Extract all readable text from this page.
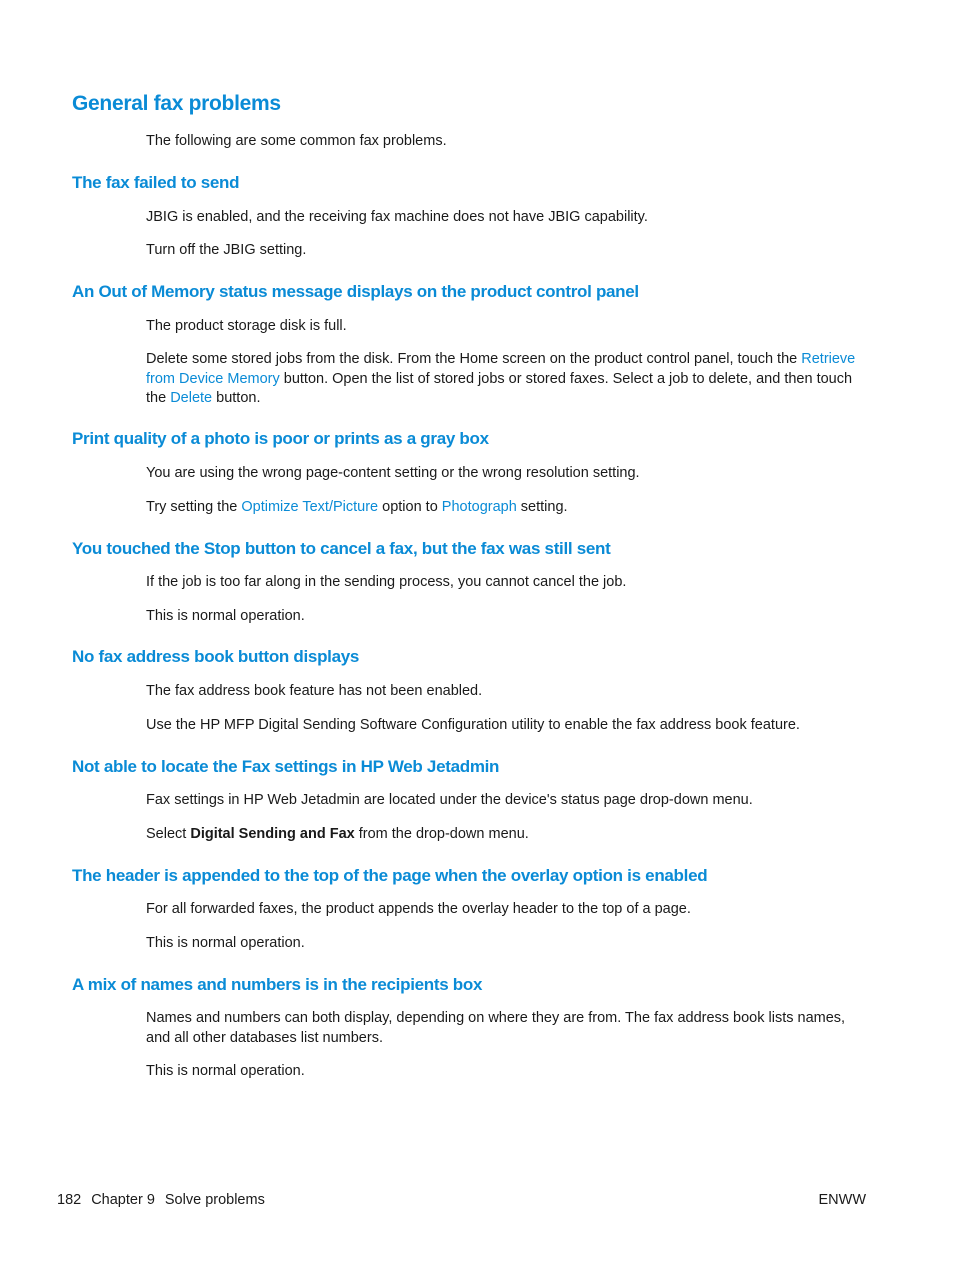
General fax problems

The following are some common fax problems.

The fax failed to send

JBIG is enabled, and the receiving fax machine does not have JBIG capability.

Turn off the JBIG setting.

An Out of Memory status message displays on the product control panel

The product storage disk is full.

Delete some stored jobs from the disk. From the Home screen on the product control panel, touch the Retrieve from Device Memory button. Open the list of stored jobs or stored faxes. Select a job to delete, and then touch the Delete button.

Print quality of a photo is poor or prints as a gray box

You are using the wrong page-content setting or the wrong resolution setting.

Try setting the Optimize Text/Picture option to Photograph setting.

You touched the Stop button to cancel a fax, but the fax was still sent

If the job is too far along in the sending process, you cannot cancel the job.

This is normal operation.

No fax address book button displays

The fax address book feature has not been enabled.

Use the HP MFP Digital Sending Software Configuration utility to enable the fax address book feature.

Not able to locate the Fax settings in HP Web Jetadmin

Fax settings in HP Web Jetadmin are located under the device's status page drop-down menu.

Select Digital Sending and Fax from the drop-down menu.

The header is appended to the top of the page when the overlay option is enabled

For all forwarded faxes, the product appends the overlay header to the top of a page.

This is normal operation.

A mix of names and numbers is in the recipients box

Names and numbers can both display, depending on where they are from. The fax address book lists names, and all other databases list numbers.

This is normal operation.

182 Chapter 9 Solve problems	ENWW
